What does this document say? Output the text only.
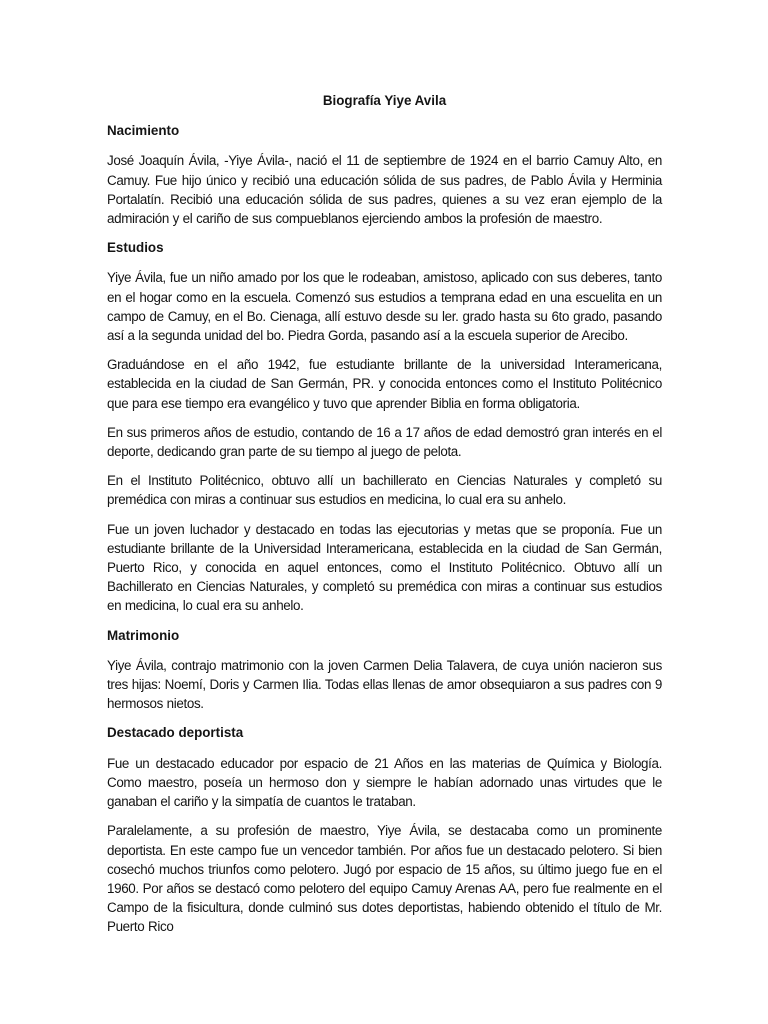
Biografía Yiye Avila
Nacimiento

José Joaquín Ávila, -Yiye Ávila-, nació el 11 de septiembre de 1924 en el barrio Camuy Alto, en Camuy. Fue hijo único y recibió una educación sólida de sus padres, de Pablo Ávila y Herminia Portalatín. Recibió una educación sólida de sus padres, quienes a su vez eran ejemplo de la admiración y el cariño de sus compueblanos ejerciendo ambos la profesión de maestro.

Estudios

Yiye Ávila, fue un niño amado por los que le rodeaban, amistoso, aplicado con sus deberes, tanto en el hogar como en la escuela. Comenzó sus estudios a temprana edad en una escuelita en un campo de Camuy, en el Bo. Cienaga, allí estuvo desde su ler. grado hasta su 6to grado, pasando así a la segunda unidad del bo. Piedra Gorda, pasando así a la escuela superior de Arecibo.

Graduándose en el año 1942, fue estudiante brillante de la universidad Interamericana, establecida en la ciudad de San Germán, PR. y conocida entonces como el Instituto Politécnico que para ese tiempo era evangélico y tuvo que aprender Biblia en forma obligatoria.

En sus primeros años de estudio, contando de 16 a 17 años de edad demostró gran interés en el deporte, dedicando gran parte de su tiempo al juego de pelota.

En el Instituto Politécnico, obtuvo allí un bachillerato en Ciencias Naturales y completó su premédica con miras a continuar sus estudios en medicina, lo cual era su anhelo.

Fue un joven luchador y destacado en todas las ejecutorias y metas que se proponía. Fue un estudiante brillante de la Universidad Interamericana, establecida en la ciudad de San Germán, Puerto Rico, y conocida en aquel entonces, como el Instituto Politécnico. Obtuvo allí un Bachillerato en Ciencias Naturales, y completó su premédica con miras a continuar sus estudios en medicina, lo cual era su anhelo.

Matrimonio

Yiye Ávila, contrajo matrimonio con la joven Carmen Delia Talavera, de cuya unión nacieron sus tres hijas: Noemí, Doris y Carmen Ilia. Todas ellas llenas de amor obsequiaron a sus padres con 9 hermosos nietos.

Destacado deportista

Fue un destacado educador por espacio de 21 Años en las materias de Química y Biología. Como maestro, poseía un hermoso don y siempre le habían adornado unas virtudes que le ganaban el cariño y la simpatía de cuantos le trataban.

Paralelamente, a su profesión de maestro, Yiye Ávila, se destacaba como un prominente deportista. En este campo fue un vencedor también. Por años fue un destacado pelotero. Si bien cosechó muchos triunfos como pelotero. Jugó por espacio de 15 años, su último juego fue en el 1960. Por años se destacó como pelotero del equipo Camuy Arenas AA, pero fue realmente en el Campo de la fisicultura, donde culminó sus dotes deportistas, habiendo obtenido el título de Mr. Puerto Rico
